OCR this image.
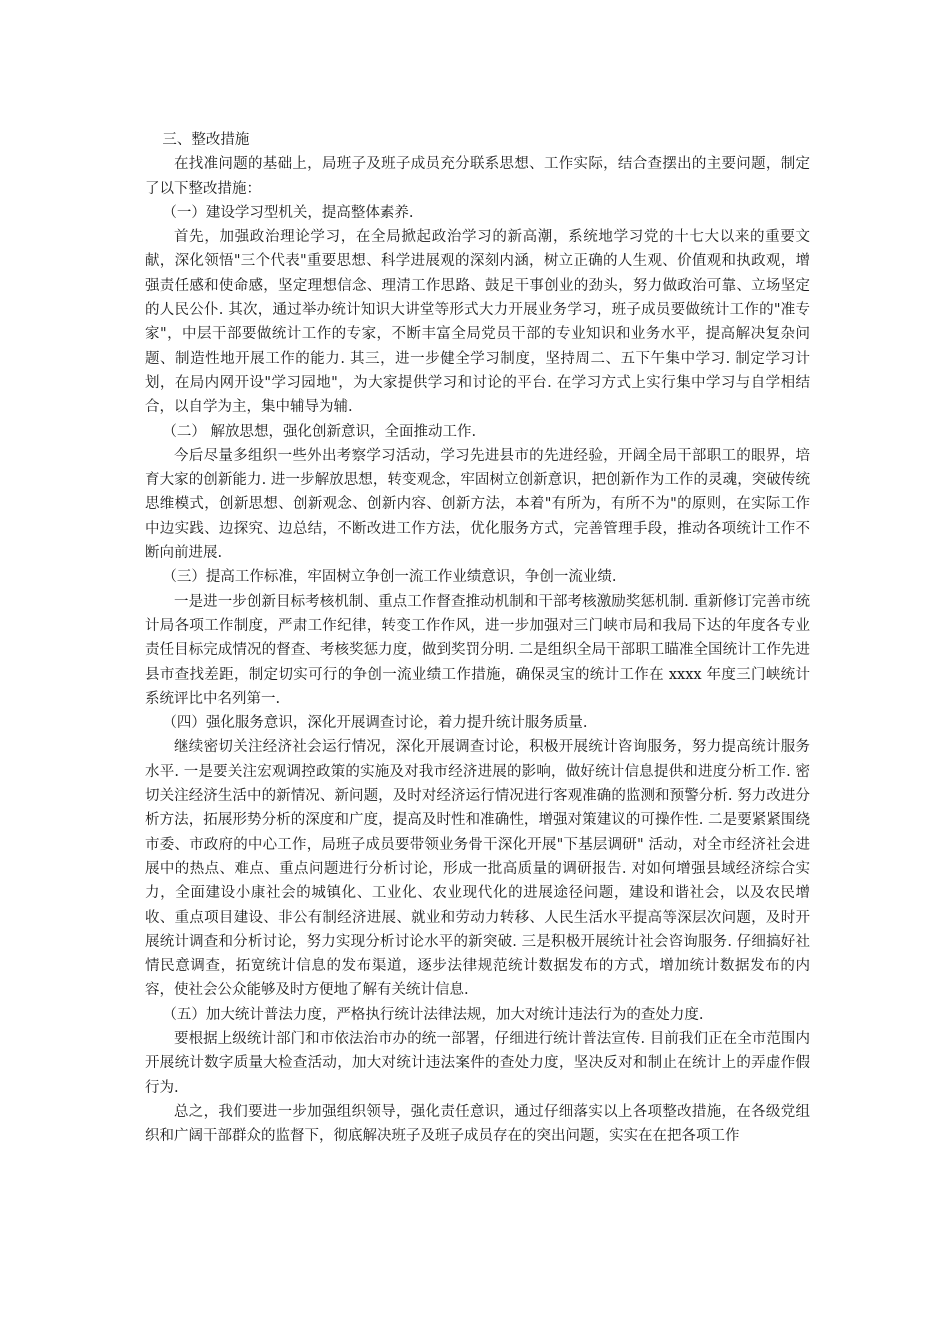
三、整改措施

在找准问题的基础上，局班子及班子成员充分联系思想、工作实际，结合查摆出的主要问题，制定了以下整改措施：

（一）建设学习型机关，提高整体素养.

首先，加强政治理论学习，在全局掀起政治学习的新高潮，系统地学习党的十七大以来的重要文献，深化领悟"三个代表"重要思想、科学进展观的深刻内涵，树立正确的人生观、价值观和执政观，增强责任感和使命感，坚定理想信念、理清工作思路、鼓足干事创业的劲头，努力做政治可靠、立场坚定的人民公仆. 其次，通过举办统计知识大讲堂等形式大力开展业务学习，班子成员要做统计工作的"准专家"，中层干部要做统计工作的专家，不断丰富全局党员干部的专业知识和业务水平，提高解决复杂问题、制造性地开展工作的能力. 其三，进一步健全学习制度，坚持周二、五下午集中学习. 制定学习计划，在局内网开设"学习园地"，为大家提供学习和讨论的平台. 在学习方式上实行集中学习与自学相结合，以自学为主，集中辅导为辅.

（二） 解放思想，强化创新意识，全面推动工作.

今后尽量多组织一些外出考察学习活动，学习先进县市的先进经验，开阔全局干部职工的眼界，培育大家的创新能力. 进一步解放思想，转变观念，牢固树立创新意识，把创新作为工作的灵魂，突破传统思维模式，创新思想、创新观念、创新内容、创新方法，本着"有所为，有所不为"的原则，在实际工作中边实践、边探究、边总结，不断改进工作方法，优化服务方式，完善管理手段，推动各项统计工作不断向前进展.

（三）提高工作标准，牢固树立争创一流工作业绩意识，争创一流业绩.

一是进一步创新目标考核机制、重点工作督查推动机制和干部考核激励奖惩机制. 重新修订完善市统计局各项工作制度，严肃工作纪律，转变工作作风，进一步加强对三门峡市局和我局下达的年度各专业责任目标完成情况的督查、考核奖惩力度，做到奖罚分明. 二是组织全局干部职工瞄准全国统计工作先进县市查找差距，制定切实可行的争创一流业绩工作措施，确保灵宝的统计工作在 xxxx 年度三门峡统计系统评比中名列第一.

（四）强化服务意识，深化开展调查讨论，着力提升统计服务质量.

继续密切关注经济社会运行情况，深化开展调查讨论，积极开展统计咨询服务，努力提高统计服务水平. 一是要关注宏观调控政策的实施及对我市经济进展的影响，做好统计信息提供和进度分析工作. 密切关注经济生活中的新情况、新问题，及时对经济运行情况进行客观准确的监测和预警分析. 努力改进分析方法，拓展形势分析的深度和广度，提高及时性和准确性，增强对策建议的可操作性. 二是要紧紧围绕市委、市政府的中心工作，局班子成员要带领业务骨干深化开展"下基层调研" 活动，对全市经济社会进展中的热点、难点、重点问题进行分析讨论，形成一批高质量的调研报告. 对如何增强县域经济综合实力，全面建设小康社会的城镇化、工业化、农业现代化的进展途径问题，建设和谐社会，以及农民增收、重点项目建设、非公有制经济进展、就业和劳动力转移、人民生活水平提高等深层次问题，及时开展统计调查和分析讨论，努力实现分析讨论水平的新突破. 三是积极开展统计社会咨询服务. 仔细搞好社情民意调查，拓宽统计信息的发布渠道，逐步法律规范统计数据发布的方式，增加统计数据发布的内容，使社会公众能够及时方便地了解有关统计信息.

（五）加大统计普法力度，严格执行统计法律法规，加大对统计违法行为的查处力度.

要根据上级统计部门和市依法治市办的统一部署，仔细进行统计普法宣传. 目前我们正在全市范围内开展统计数字质量大检查活动，加大对统计违法案件的查处力度，坚决反对和制止在统计上的弄虚作假行为.

总之，我们要进一步加强组织领导，强化责任意识，通过仔细落实以上各项整改措施，在各级党组织和广阔干部群众的监督下，彻底解决班子及班子成员存在的突出问题，实实在在把各项工作
